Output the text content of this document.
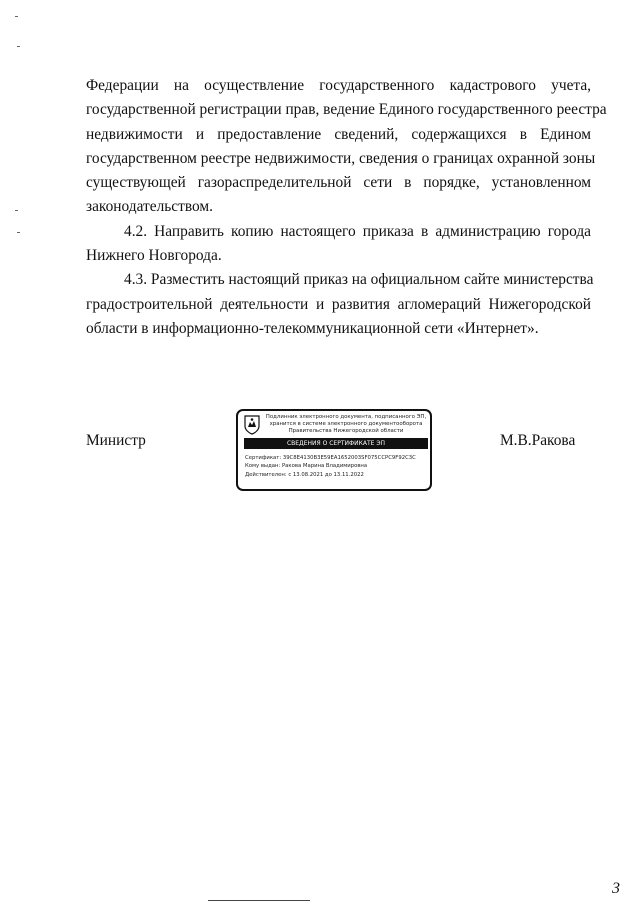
Федерации на осуществление государственного кадастрового учета,
государственной регистрации прав, ведение Единого государственного реестра
недвижимости и предоставление сведений, содержащихся в Едином
государственном реестре недвижимости, сведения о границах охранной зоны
существующей газораспределительной сети в порядке, установленном
законодательством.
4.2. Направить копию настоящего приказа в администрацию города
Нижнего Новгорода.
4.3. Разместить настоящий приказ на официальном сайте министерства
градостроительной деятельности и развития агломераций Нижегородской
области в информационно-телекоммуникационной сети «Интернет».
Министр	М.В.Ракова
Подлинник электронного документа, подписанного ЭП,
хранится в системе электронного документооборота
Правительства Нижегородской области
СВЕДЕНИЯ О СЕРТИФИКАТЕ ЭП
Сертификат: 39C8E4130B3E59EA1652003SF075CCPC9F92C3C
Кому выдан: Ракова Марина Владимировна
Действителен: с 13.08.2021 до 13.11.2022
3
